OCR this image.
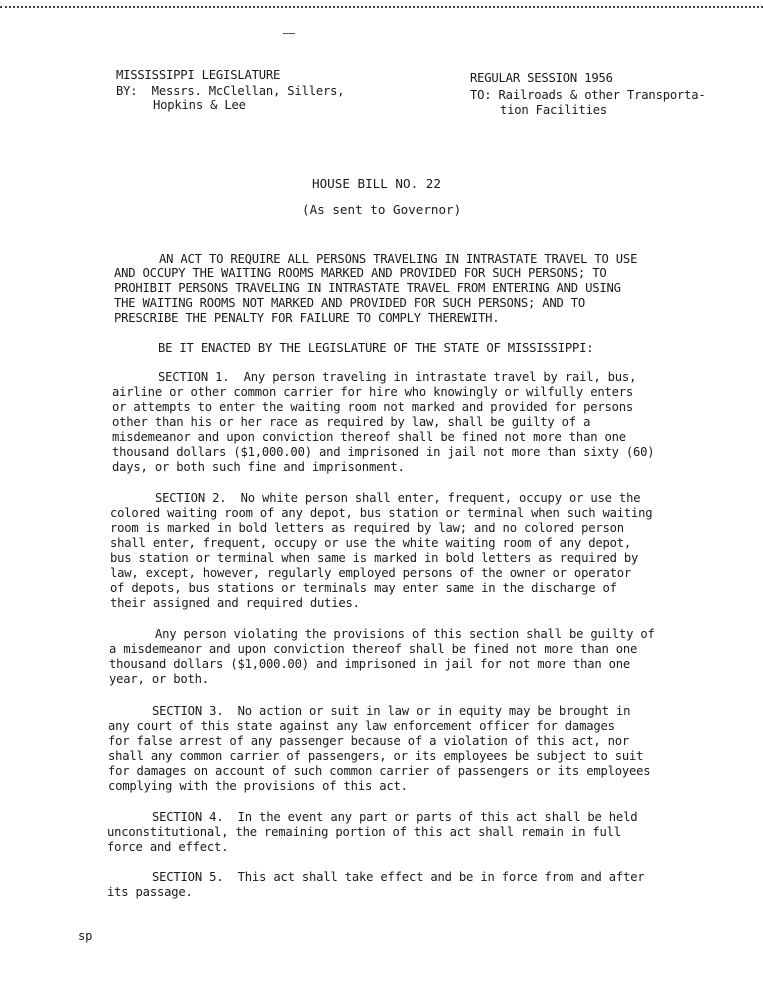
MISSISSIPPI LEGISLATURE
BY:  Messrs. McClellan, Sillers,
Hopkins & Lee
REGULAR SESSION 1956
TO: Railroads & other Transporta-
tion Facilities
HOUSE BILL NO. 22
(As sent to Governor)
AN ACT TO REQUIRE ALL PERSONS TRAVELING IN INTRASTATE TRAVEL TO USE
AND OCCUPY THE WAITING ROOMS MARKED AND PROVIDED FOR SUCH PERSONS; TO
PROHIBIT PERSONS TRAVELING IN INTRASTATE TRAVEL FROM ENTERING AND USING
THE WAITING ROOMS NOT MARKED AND PROVIDED FOR SUCH PERSONS; AND TO
PRESCRIBE THE PENALTY FOR FAILURE TO COMPLY THEREWITH.
BE IT ENACTED BY THE LEGISLATURE OF THE STATE OF MISSISSIPPI:
SECTION 1.  Any person traveling in intrastate travel by rail, bus,
airline or other common carrier for hire who knowingly or wilfully enters
or attempts to enter the waiting room not marked and provided for persons
other than his or her race as required by law, shall be guilty of a
misdemeanor and upon conviction thereof shall be fined not more than one
thousand dollars ($1,000.00) and imprisoned in jail not more than sixty (60)
days, or both such fine and imprisonment.
SECTION 2.  No white person shall enter, frequent, occupy or use the
colored waiting room of any depot, bus station or terminal when such waiting
room is marked in bold letters as required by law; and no colored person
shall enter, frequent, occupy or use the white waiting room of any depot,
bus station or terminal when same is marked in bold letters as required by
law, except, however, regularly employed persons of the owner or operator
of depots, bus stations or terminals may enter same in the discharge of
their assigned and required duties.
Any person violating the provisions of this section shall be guilty of
a misdemeanor and upon conviction thereof shall be fined not more than one
thousand dollars ($1,000.00) and imprisoned in jail for not more than one
year, or both.
SECTION 3.  No action or suit in law or in equity may be brought in
any court of this state against any law enforcement officer for damages
for false arrest of any passenger because of a violation of this act, nor
shall any common carrier of passengers, or its employees be subject to suit
for damages on account of such common carrier of passengers or its employees
complying with the provisions of this act.
SECTION 4.  In the event any part or parts of this act shall be held
unconstitutional, the remaining portion of this act shall remain in full
force and effect.
SECTION 5.  This act shall take effect and be in force from and after
its passage.
sp
